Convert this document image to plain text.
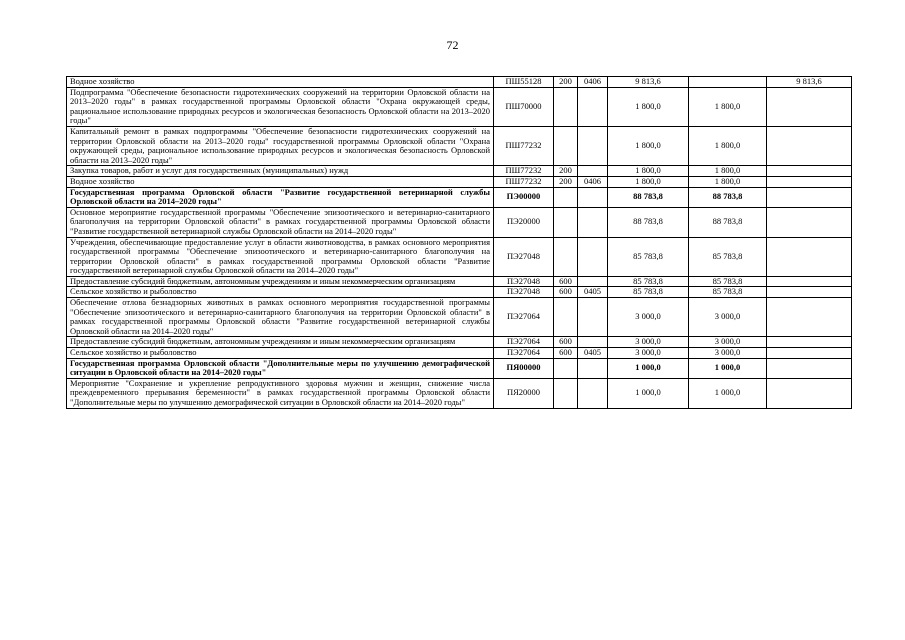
72
Водное хозяйство	ПШ55128	200	0406	9 813,6		9 813,6
Подпрограмма "Обеспечение безопасности гидротехнических сооружений на территории Орловской области на 2013–2020 годы" в рамках государственной программы Орловской области "Охрана окружающей среды, рациональное использование природных ресурсов и экологическая безопасность Орловской области на 2013–2020 годы"	ПШ70000			1 800,0	1 800,0	
Капитальный ремонт в рамках подпрограммы "Обеспечение безопасности гидротехнических сооружений на территории Орловской области на 2013–2020 годы" государственной программы Орловской области "Охрана окружающей среды, рациональное использование природных ресурсов и экологическая безопасность Орловской области на 2013–2020 годы"	ПШ77232			1 800,0	1 800,0	
Закупка товаров, работ и услуг для государственных (муниципальных) нужд	ПШ77232	200		1 800,0	1 800,0	
Водное хозяйство	ПШ77232	200	0406	1 800,0	1 800,0	
Государственная программа Орловской области "Развитие государственной ветеринарной службы Орловской области на 2014–2020 годы"	ПЭ00000			88 783,8	88 783,8	
Основное мероприятие государственной программы "Обеспечение эпизоотического и ветеринарно-санитарного благополучия на территории Орловской области" в рамках государственной программы Орловской области "Развитие государственной ветеринарной службы Орловской области на 2014–2020 годы"	ПЭ20000			88 783,8	88 783,8	
Учреждения, обеспечивающие предоставление услуг в области животноводства, в рамках основного мероприятия государственной программы "Обеспечение эпизоотического и ветеринарно-санитарного благополучия на территории Орловской области" в рамках государственной программы Орловской области "Развитие государственной ветеринарной службы Орловской области на 2014–2020 годы"	ПЭ27048			85 783,8	85 783,8	
Предоставление субсидий бюджетным, автономным учреждениям и иным некоммерческим организациям	ПЭ27048	600		85 783,8	85 783,8	
Сельское хозяйство и рыболовство	ПЭ27048	600	0405	85 783,8	85 783,8	
Обеспечение отлова безнадзорных животных в рамках основного мероприятия государственной программы "Обеспечение эпизоотического и ветеринарно-санитарного благополучия на территории Орловской области" в рамках государственной программы Орловской области "Развитие государственной ветеринарной службы Орловской области на 2014–2020 годы"	ПЭ27064			3 000,0	3 000,0	
Предоставление субсидий бюджетным, автономным учреждениям и иным некоммерческим организациям	ПЭ27064	600		3 000,0	3 000,0	
Сельское хозяйство и рыболовство	ПЭ27064	600	0405	3 000,0	3 000,0	
Государственная программа Орловской области "Дополнительные меры по улучшению демографической ситуации в Орловской области на 2014–2020 годы"	ПЯ00000			1 000,0	1 000,0	
Мероприятие "Сохранение и укрепление репродуктивного здоровья мужчин и женщин, снижение числа преждевременного прерывания беременности" в рамках государственной программы Орловской области "Дополнительные меры по улучшению демографической ситуации в Орловской области на 2014–2020 годы"	ПЯ20000			1 000,0	1 000,0	
